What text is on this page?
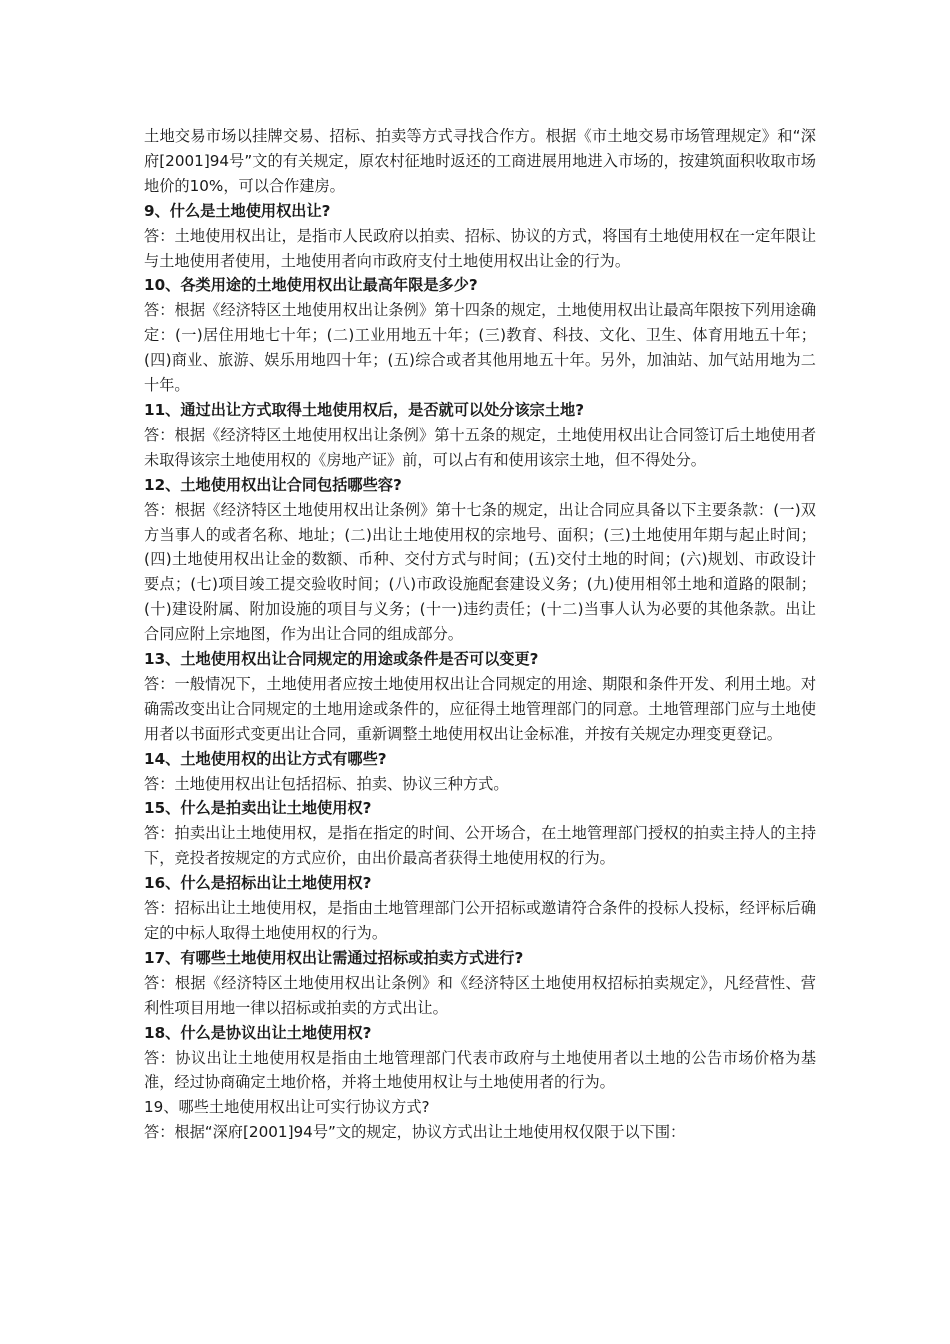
土地交易市场以挂牌交易、招标、拍卖等方式寻找合作方。根据《市土地交易市场管理规定》和“深府[2001]94号”文的有关规定，原农村征地时返还的工商进展用地进入市场的，按建筑面积收取市场地价的10%，可以合作建房。

9、什么是土地使用权出让?

答：土地使用权出让，是指市人民政府以拍卖、招标、协议的方式，将国有土地使用权在一定年限让与土地使用者使用，土地使用者向市政府支付土地使用权出让金的行为。

10、各类用途的土地使用权出让最高年限是多少?

答：根据《经济特区土地使用权出让条例》第十四条的规定，土地使用权出让最高年限按下列用途确定：(一)居住用地七十年；(二)工业用地五十年；(三)教育、科技、文化、卫生、体育用地五十年；(四)商业、旅游、娱乐用地四十年；(五)综合或者其他用地五十年。另外，加油站、加气站用地为二十年。

11、通过出让方式取得土地使用权后，是否就可以处分该宗土地?

答：根据《经济特区土地使用权出让条例》第十五条的规定，土地使用权出让合同签订后土地使用者未取得该宗土地使用权的《房地产证》前，可以占有和使用该宗土地，但不得处分。

12、土地使用权出让合同包括哪些容?

答：根据《经济特区土地使用权出让条例》第十七条的规定，出让合同应具备以下主要条款：(一)双方当事人的或者名称、地址；(二)出让土地使用权的宗地号、面积；(三)土地使用年期与起止时间；(四)土地使用权出让金的数额、币种、交付方式与时间；(五)交付土地的时间；(六)规划、市政设计要点；(七)项目竣工提交验收时间；(八)市政设施配套建设义务；(九)使用相邻土地和道路的限制；(十)建设附属、附加设施的项目与义务；(十一)违约责任；(十二)当事人认为必要的其他条款。出让合同应附上宗地图，作为出让合同的组成部分。

13、土地使用权出让合同规定的用途或条件是否可以变更?

答：一般情况下，土地使用者应按土地使用权出让合同规定的用途、期限和条件开发、利用土地。对确需改变出让合同规定的土地用途或条件的，应征得土地管理部门的同意。土地管理部门应与土地使用者以书面形式变更出让合同，重新调整土地使用权出让金标准，并按有关规定办理变更登记。

14、土地使用权的出让方式有哪些?

答：土地使用权出让包括招标、拍卖、协议三种方式。

15、什么是拍卖出让土地使用权?

答：拍卖出让土地使用权，是指在指定的时间、公开场合，在土地管理部门授权的拍卖主持人的主持下，竞投者按规定的方式应价，由出价最高者获得土地使用权的行为。

16、什么是招标出让土地使用权?

答：招标出让土地使用权，是指由土地管理部门公开招标或邀请符合条件的投标人投标，经评标后确定的中标人取得土地使用权的行为。

17、有哪些土地使用权出让需通过招标或拍卖方式进行?

答：根据《经济特区土地使用权出让条例》和《经济特区土地使用权招标拍卖规定》，凡经营性、营利性项目用地一律以招标或拍卖的方式出让。

18、什么是协议出让土地使用权?

答：协议出让土地使用权是指由土地管理部门代表市政府与土地使用者以土地的公告市场价格为基准，经过协商确定土地价格，并将土地使用权让与土地使用者的行为。

19、哪些土地使用权出让可实行协议方式?

答：根据“深府[2001]94号”文的规定，协议方式出让土地使用权仅限于以下围：
